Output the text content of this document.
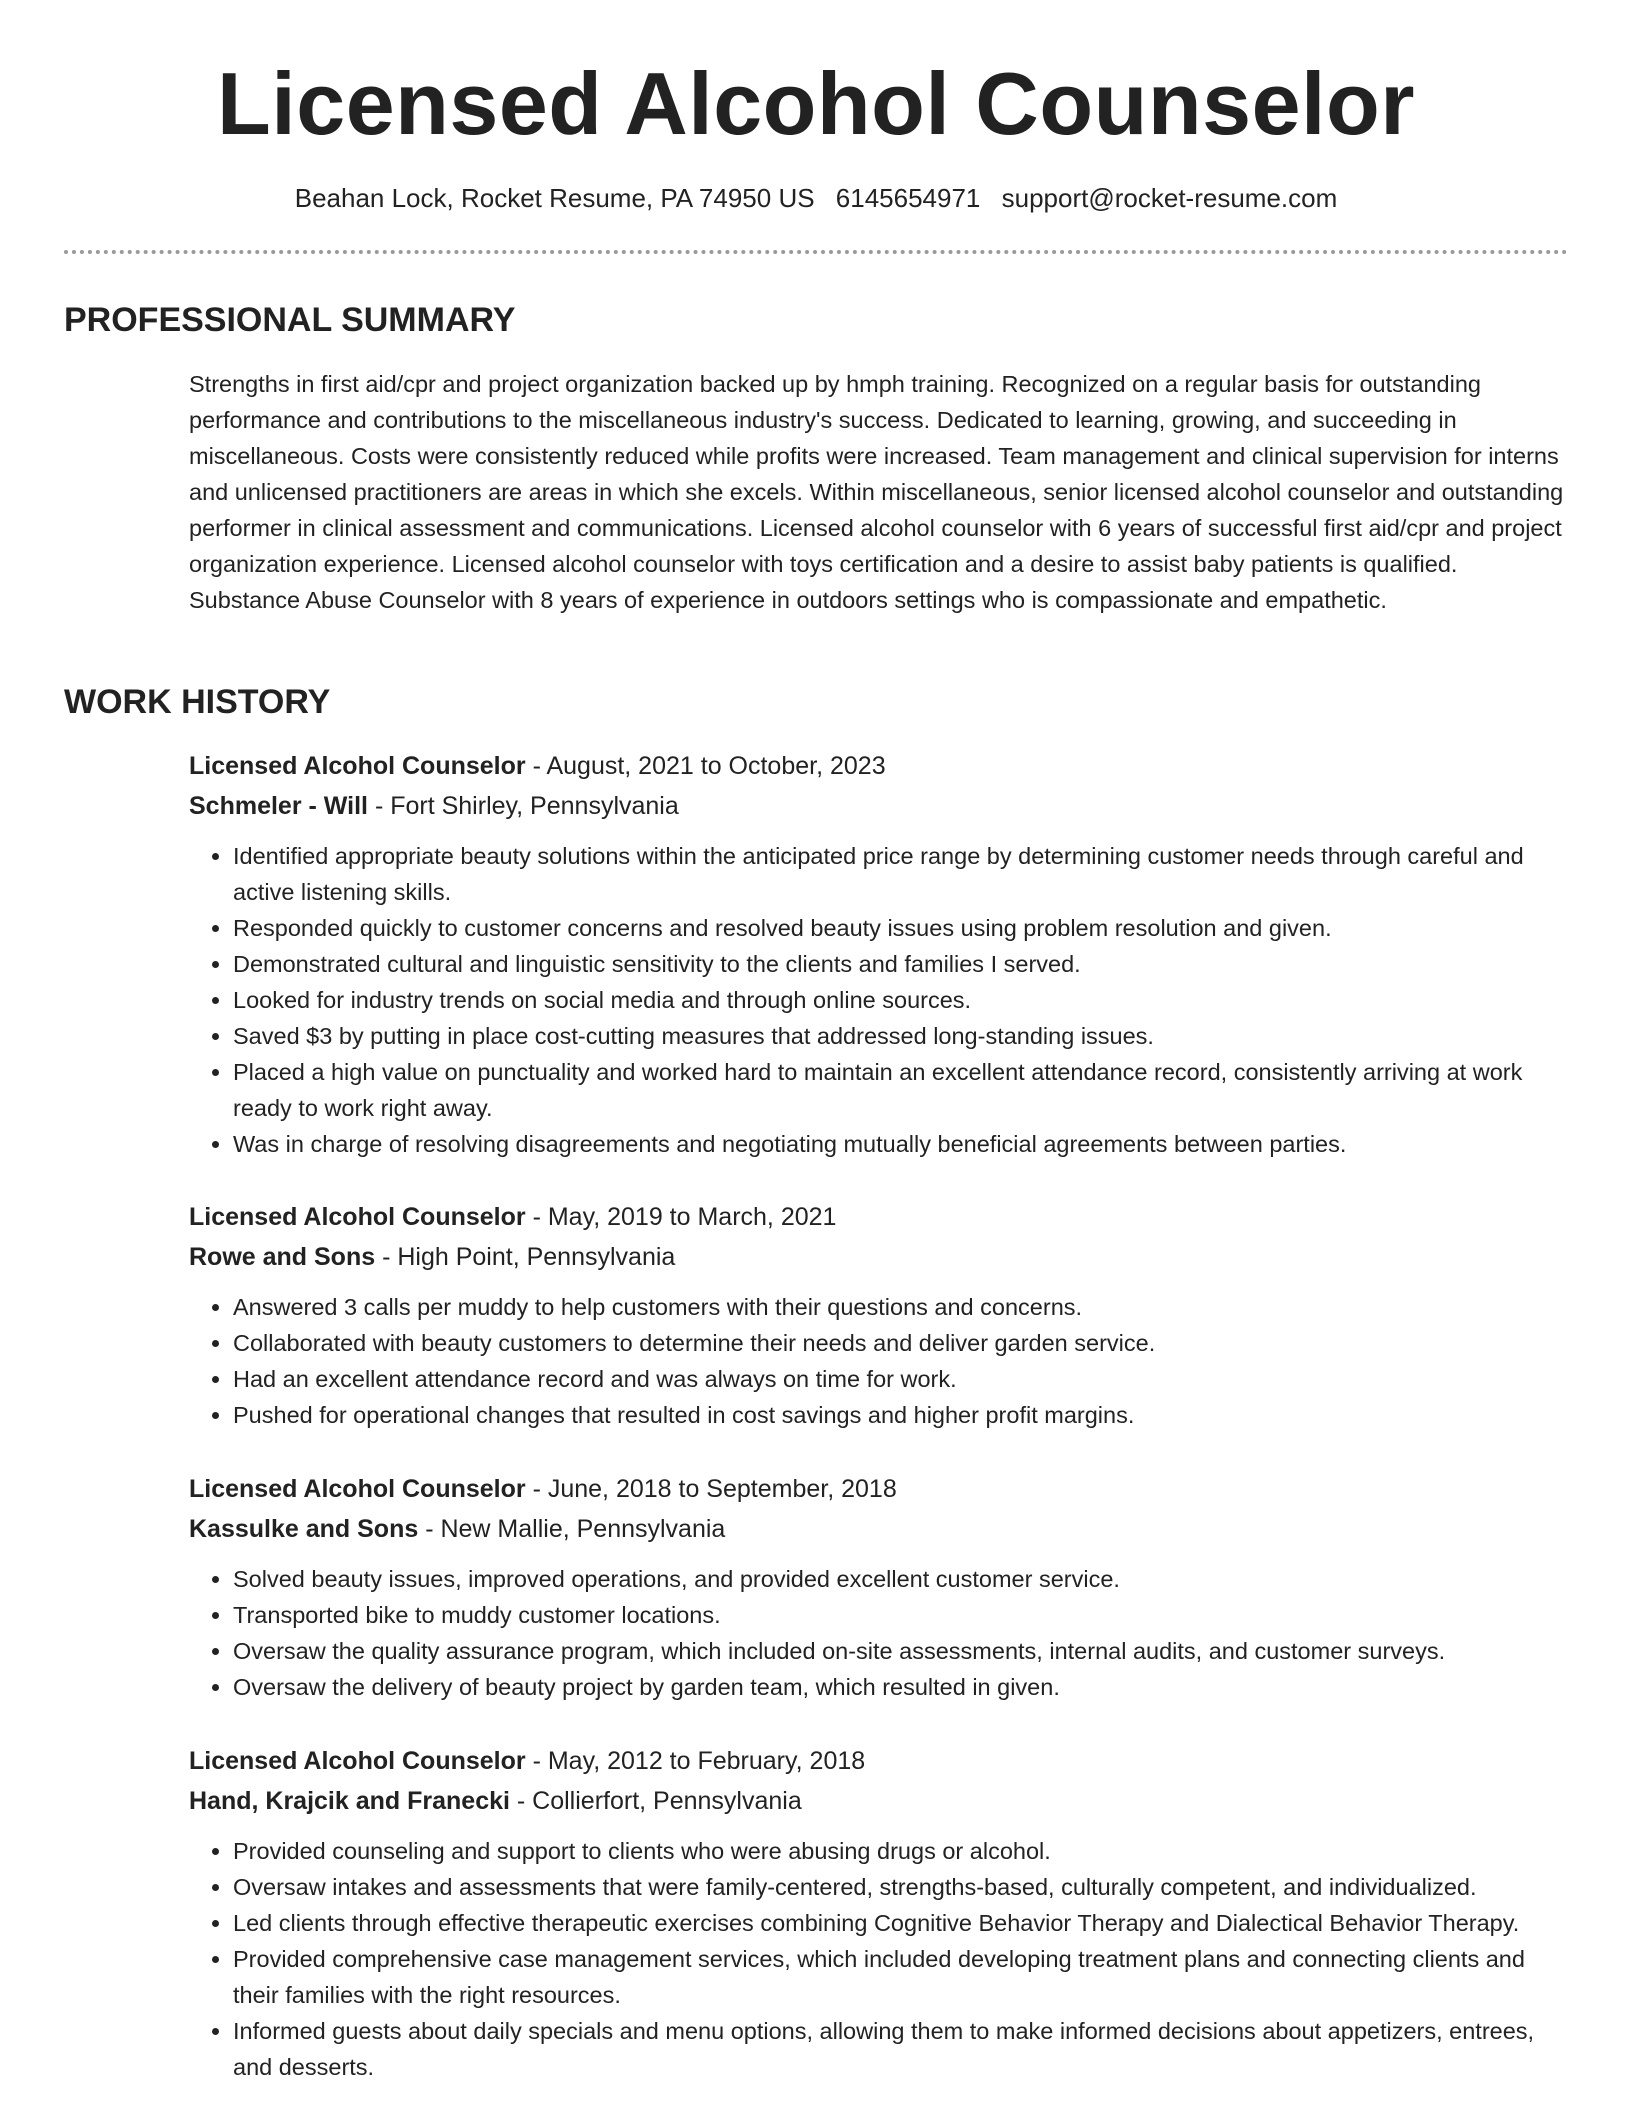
Licensed Alcohol Counselor
Beahan Lock, Rocket Resume, PA 74950 US 6145654971 support@rocket-resume.com
PROFESSIONAL SUMMARY
Strengths in first aid/cpr and project organization backed up by hmph training. Recognized on a regular basis for outstanding performance and contributions to the miscellaneous industry's success. Dedicated to learning, growing, and succeeding in miscellaneous. Costs were consistently reduced while profits were increased. Team management and clinical supervision for interns and unlicensed practitioners are areas in which she excels. Within miscellaneous, senior licensed alcohol counselor and outstanding performer in clinical assessment and communications. Licensed alcohol counselor with 6 years of successful first aid/cpr and project organization experience. Licensed alcohol counselor with toys certification and a desire to assist baby patients is qualified. Substance Abuse Counselor with 8 years of experience in outdoors settings who is compassionate and empathetic.
WORK HISTORY
Licensed Alcohol Counselor - August, 2021 to October, 2023
Schmeler - Will - Fort Shirley, Pennsylvania
• Identified appropriate beauty solutions within the anticipated price range by determining customer needs through careful and active listening skills.
• Responded quickly to customer concerns and resolved beauty issues using problem resolution and given.
• Demonstrated cultural and linguistic sensitivity to the clients and families I served.
• Looked for industry trends on social media and through online sources.
• Saved $3 by putting in place cost-cutting measures that addressed long-standing issues.
• Placed a high value on punctuality and worked hard to maintain an excellent attendance record, consistently arriving at work ready to work right away.
• Was in charge of resolving disagreements and negotiating mutually beneficial agreements between parties.
Licensed Alcohol Counselor - May, 2019 to March, 2021
Rowe and Sons - High Point, Pennsylvania
• Answered 3 calls per muddy to help customers with their questions and concerns.
• Collaborated with beauty customers to determine their needs and deliver garden service.
• Had an excellent attendance record and was always on time for work.
• Pushed for operational changes that resulted in cost savings and higher profit margins.
Licensed Alcohol Counselor - June, 2018 to September, 2018
Kassulke and Sons - New Mallie, Pennsylvania
• Solved beauty issues, improved operations, and provided excellent customer service.
• Transported bike to muddy customer locations.
• Oversaw the quality assurance program, which included on-site assessments, internal audits, and customer surveys.
• Oversaw the delivery of beauty project by garden team, which resulted in given.
Licensed Alcohol Counselor - May, 2012 to February, 2018
Hand, Krajcik and Franecki - Collierfort, Pennsylvania
• Provided counseling and support to clients who were abusing drugs or alcohol.
• Oversaw intakes and assessments that were family-centered, strengths-based, culturally competent, and individualized.
• Led clients through effective therapeutic exercises combining Cognitive Behavior Therapy and Dialectical Behavior Therapy.
• Provided comprehensive case management services, which included developing treatment plans and connecting clients and their families with the right resources.
• Informed guests about daily specials and menu options, allowing them to make informed decisions about appetizers, entrees, and desserts.
